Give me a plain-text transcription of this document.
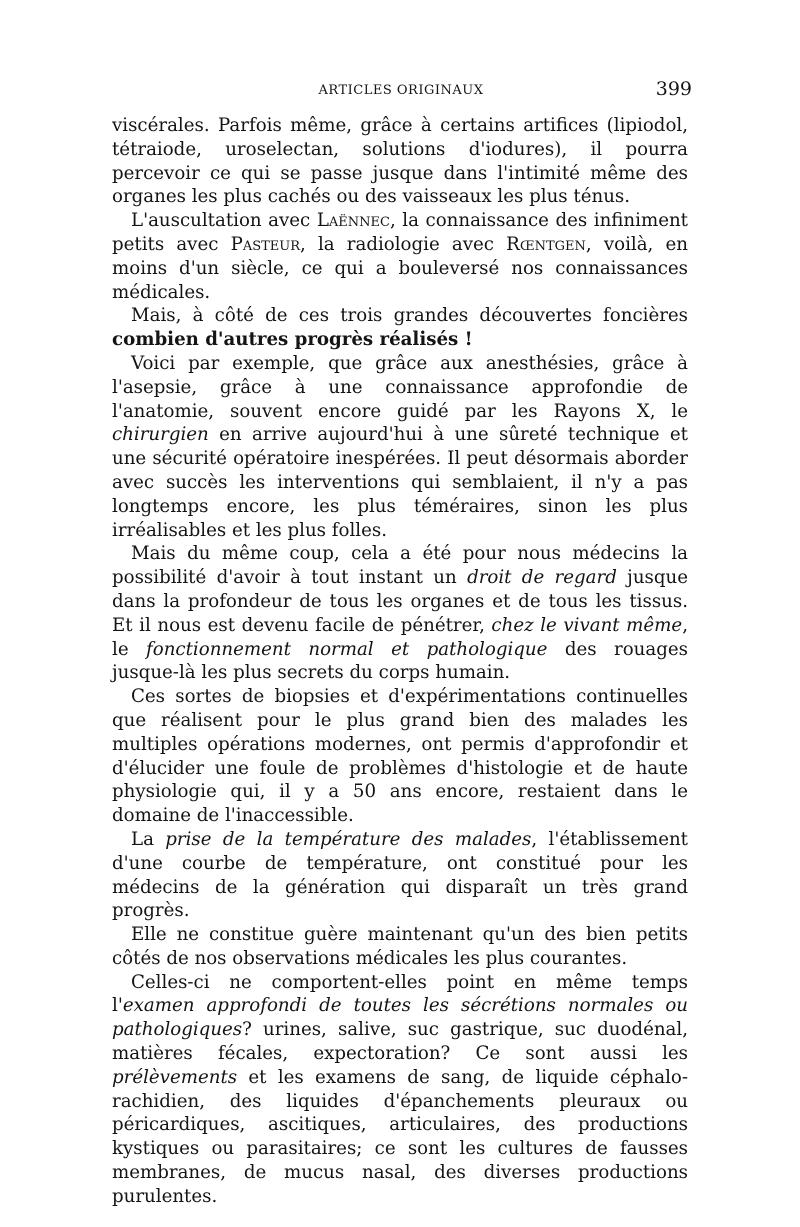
ARTICLES ORIGINAUX	399

viscérales. Parfois même, grâce à certains artifices (lipiodol, tétraiode, uroselectan, solutions d'iodures), il pourra percevoir ce qui se passe jusque dans l'intimité même des organes les plus cachés ou des vaisseaux les plus ténus.

L'auscultation avec Laënnec, la connaissance des infiniment petits avec Pasteur, la radiologie avec Rœntgen, voilà, en moins d'un siècle, ce qui a bouleversé nos connaissances médicales.

Mais, à côté de ces trois grandes découvertes foncières combien d'autres progrès réalisés !

Voici par exemple, que grâce aux anesthésies, grâce à l'asepsie, grâce à une connaissance approfondie de l'anatomie, souvent encore guidé par les Rayons X, le chirurgien en arrive aujourd'hui à une sûreté technique et une sécurité opératoire inespérées. Il peut désormais aborder avec succès les interventions qui semblaient, il n'y a pas longtemps encore, les plus téméraires, sinon les plus irréalisables et les plus folles.

Mais du même coup, cela a été pour nous médecins la possibilité d'avoir à tout instant un droit de regard jusque dans la profondeur de tous les organes et de tous les tissus. Et il nous est devenu facile de pénétrer, chez le vivant même, le fonctionnement normal et pathologique des rouages jusque-là les plus secrets du corps humain.

Ces sortes de biopsies et d'expérimentations continuelles que réalisent pour le plus grand bien des malades les multiples opérations modernes, ont permis d'approfondir et d'élucider une foule de problèmes d'histologie et de haute physiologie qui, il y a 50 ans encore, restaient dans le domaine de l'inaccessible.

La prise de la température des malades, l'établissement d'une courbe de température, ont constitué pour les médecins de la génération qui disparaît un très grand progrès.

Elle ne constitue guère maintenant qu'un des bien petits côtés de nos observations médicales les plus courantes.

Celles-ci ne comportent-elles point en même temps l'examen approfondi de toutes les sécrétions normales ou pathologiques? urines, salive, suc gastrique, suc duodénal, matières fécales, expectoration? Ce sont aussi les prélèvements et les examens de sang, de liquide céphalo-rachidien, des liquides d'épanchements pleuraux ou péricardiques, ascitiques, articulaires, des productions kystiques ou parasitaires; ce sont les cultures de fausses membranes, de mucus nasal, des diverses productions purulentes.
